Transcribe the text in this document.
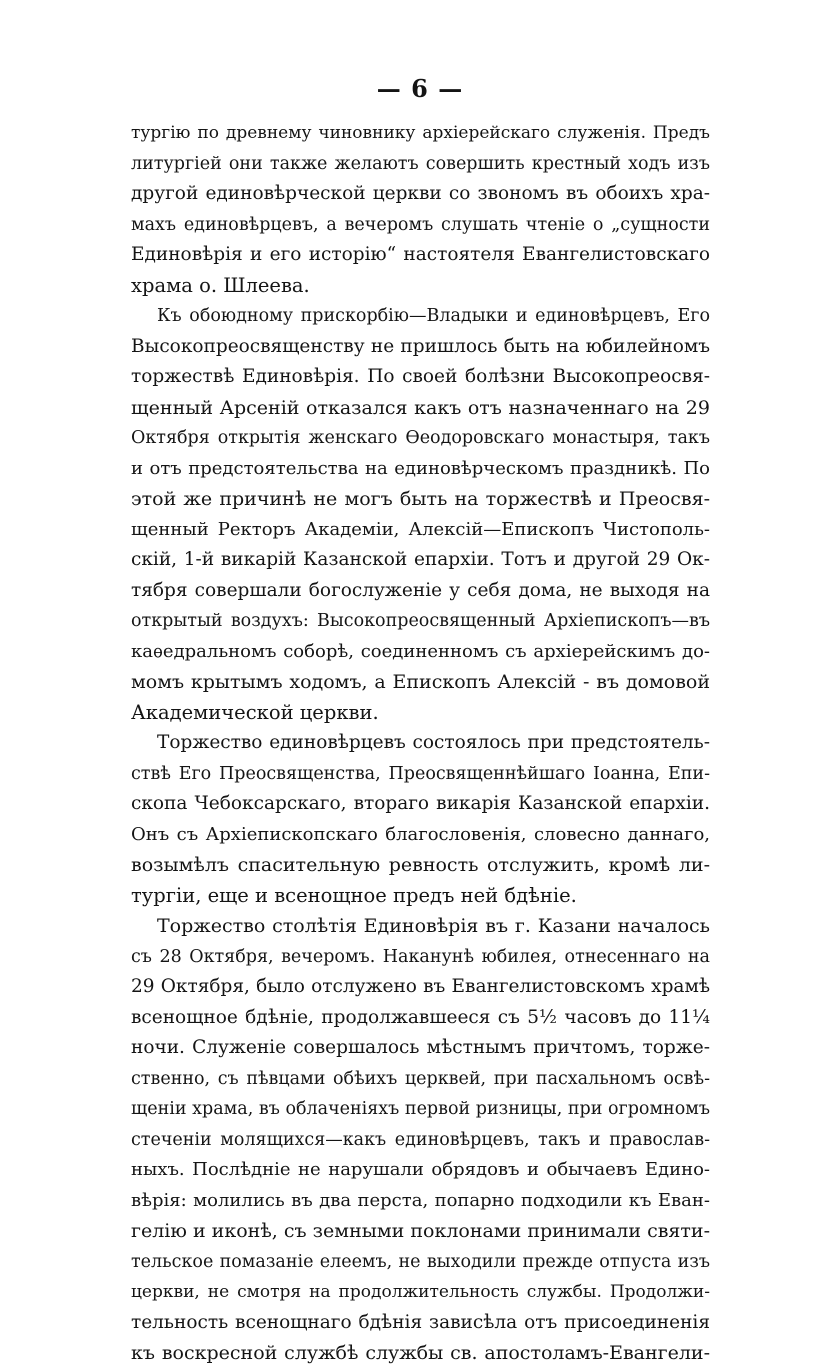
— 6 —
тургію по древнему чиновнику архіерейскаго служенія. Предъ
литургіей они также желаютъ совершить крестный ходъ изъ
другой единовѣрческой церкви со звономъ въ обоихъ хра-
махъ единовѣрцевъ, а вечеромъ слушать чтеніе о „сущности
Единовѣрія и его исторію“ настоятеля Евангелистовскаго
храма о. Шлеева.
Къ обоюдному прискорбію—Владыки и единовѣрцевъ, Его
Высокопреосвященству не пришлось быть на юбилейномъ
торжествѣ Единовѣрія. По своей болѣзни Высокопреосвя-
щенный Арсеній отказался какъ отъ назначеннаго на 29
Октября открытія женскаго Ѳеодоровскаго монастыря, такъ
и отъ предстоятельства на единовѣрческомъ праздникѣ. По
этой же причинѣ не могъ быть на торжествѣ и Преосвя-
щенный Ректоръ Академіи, Алексій—Епископъ Чистополь-
скій, 1-й викарій Казанской епархіи. Тотъ и другой 29 Ок-
тября совершали богослуженіе у себя дома, не выходя на
открытый воздухъ: Высокопреосвященный Архіепископъ—въ
каѳедральномъ соборѣ, соединенномъ съ архіерейскимъ до-
момъ крытымъ ходомъ, а Епископъ Алексій - въ домовой
Академической церкви.
Торжество единовѣрцевъ состоялось при предстоятель-
ствѣ Его Преосвященства, Преосвященнѣйшаго Іоанна, Епи-
скопа Чебоксарскаго, втораго викарія Казанской епархіи.
Онъ съ Архіепископскаго благословенія, словесно даннаго,
возымѣлъ спасительную ревность отслужить, кромѣ ли-
тургіи, еще и всенощное предъ ней бдѣніе.
Торжество столѣтія Единовѣрія въ г. Казани началось
съ 28 Октября, вечеромъ. Наканунѣ юбилея, отнесеннаго на
29 Октября, было отслужено въ Евангелистовскомъ храмѣ
всенощное бдѣніе, продолжавшееся съ 5½ часовъ до 11¼
ночи. Служеніе совершалось мѣстнымъ причтомъ, торже-
ственно, съ пѣвцами обѣихъ церквей, при пасхальномъ освѣ-
щеніи храма, въ облаченіяхъ первой ризницы, при огромномъ
стеченіи молящихся—какъ единовѣрцевъ, такъ и православ-
ныхъ. Послѣдніе не нарушали обрядовъ и обычаевъ Едино-
вѣрія: молились въ два перста, попарно подходили къ Еван-
гелію и иконѣ, съ земными поклонами принимали святи-
тельское помазаніе елеемъ, не выходили прежде отпуста изъ
церкви, не смотря на продолжительность службы. Продолжи-
тельность всенощнаго бдѣнія зависѣла отъ присоединенія
къ воскресной службѣ службы св. апостоламъ-Евангели-
